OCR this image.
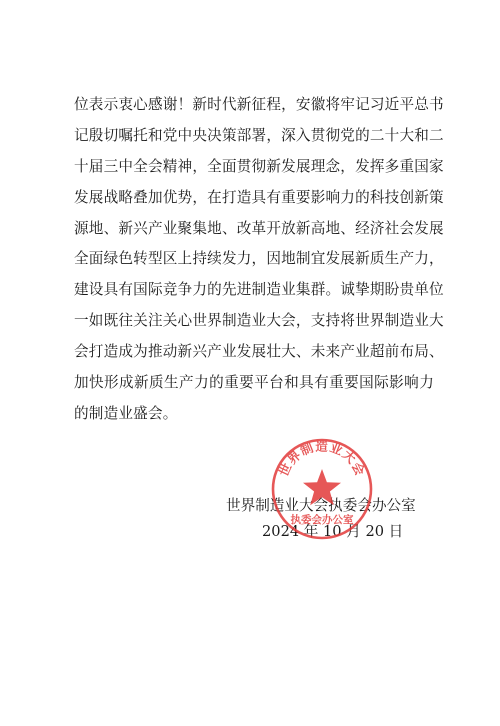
位表示衷心感谢！新时代新征程，安徽将牢记习近平总书
记殷切嘱托和党中央决策部署，深入贯彻党的二十大和二
十届三中全会精神，全面贯彻新发展理念，发挥多重国家
发展战略叠加优势，在打造具有重要影响力的科技创新策
源地、新兴产业聚集地、改革开放新高地、经济社会发展
全面绿色转型区上持续发力，因地制宜发展新质生产力，
建设具有国际竞争力的先进制造业集群。诚挚期盼贵单位
一如既往关注关心世界制造业大会，支持将世界制造业大
会打造成为推动新兴产业发展壮大、未来产业超前布局、
加快形成新质生产力的重要平台和具有重要国际影响力
的制造业盛会。
世界制造业大会执委会办公室
2024 年 10 月 20 日
世界制造业大会
执委会办公室
